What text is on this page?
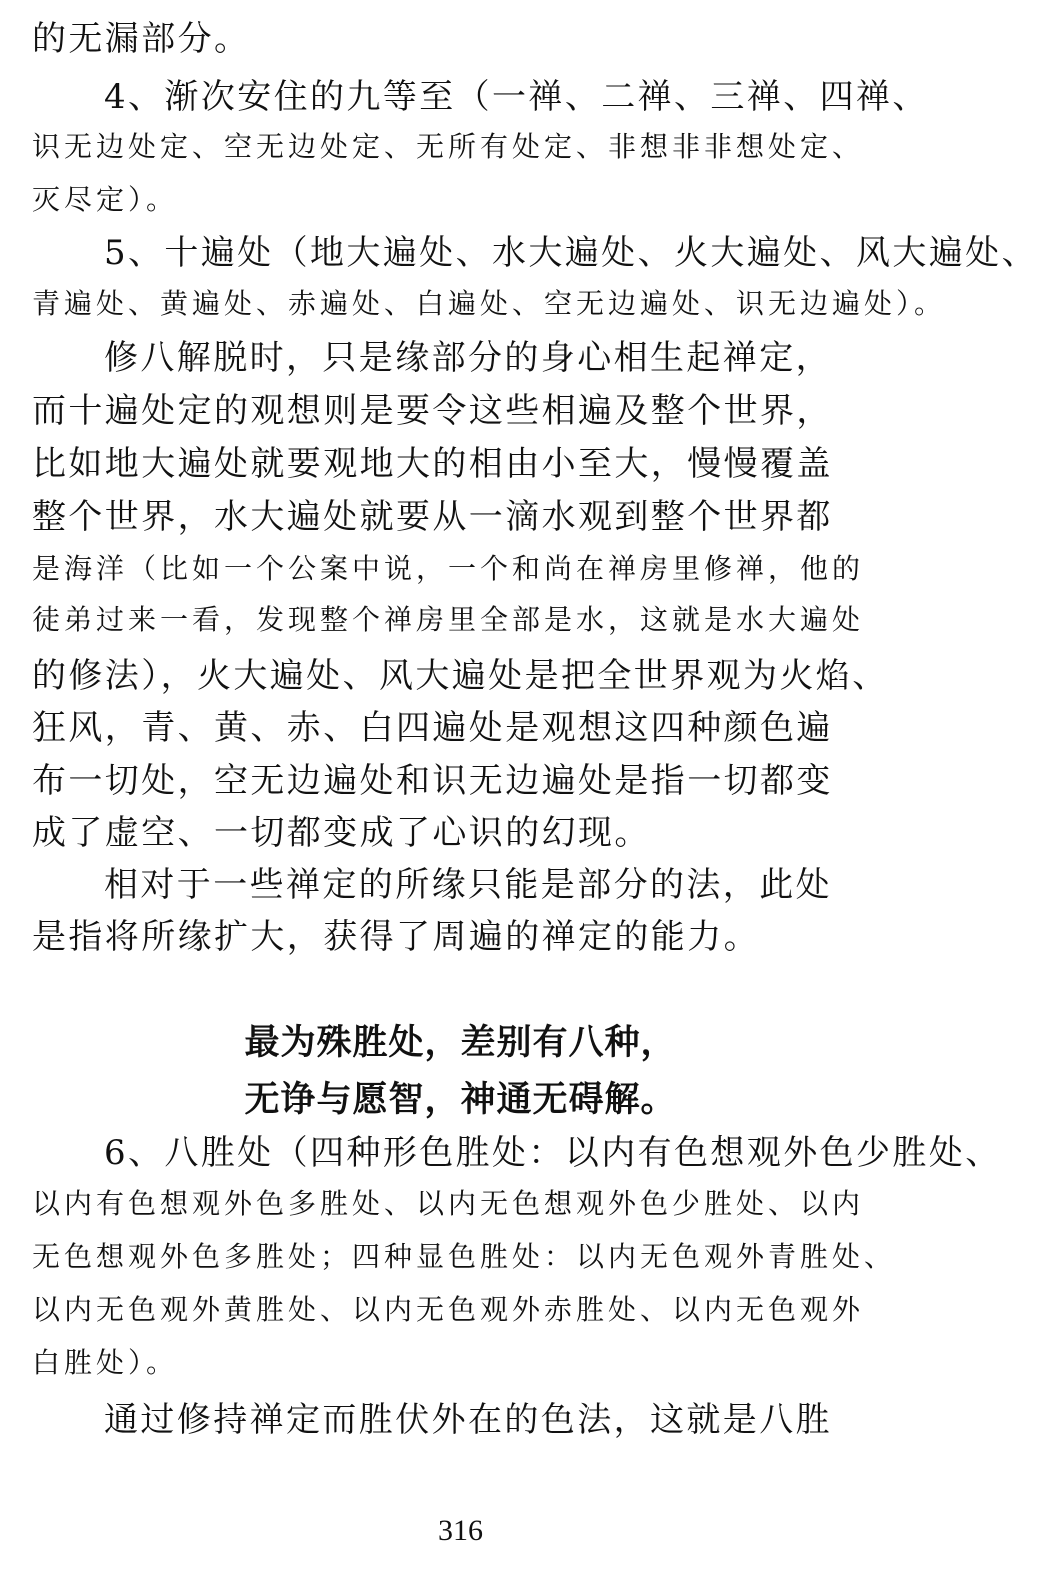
的无漏部分。
4、渐次安住的九等至（一禅、二禅、三禅、四禅、
识无边处定、空无边处定、无所有处定、非想非非想处定、
灭尽定）。
5、十遍处（地大遍处、水大遍处、火大遍处、风大遍处、
青遍处、黄遍处、赤遍处、白遍处、空无边遍处、识无边遍处）。
修八解脱时，只是缘部分的身心相生起禅定，
而十遍处定的观想则是要令这些相遍及整个世界，
比如地大遍处就要观地大的相由小至大，慢慢覆盖
整个世界，水大遍处就要从一滴水观到整个世界都
是海洋（比如一个公案中说，一个和尚在禅房里修禅，他的
徒弟过来一看，发现整个禅房里全部是水，这就是水大遍处
的修法），火大遍处、风大遍处是把全世界观为火焰、
狂风，青、黄、赤、白四遍处是观想这四种颜色遍
布一切处，空无边遍处和识无边遍处是指一切都变
成了虚空、一切都变成了心识的幻现。
相对于一些禅定的所缘只能是部分的法，此处
是指将所缘扩大，获得了周遍的禅定的能力。
最为殊胜处，差别有八种，
无诤与愿智，神通无碍解。
6、八胜处（四种形色胜处：以内有色想观外色少胜处、
以内有色想观外色多胜处、以内无色想观外色少胜处、以内
无色想观外色多胜处；四种显色胜处：以内无色观外青胜处、
以内无色观外黄胜处、以内无色观外赤胜处、以内无色观外
白胜处）。
通过修持禅定而胜伏外在的色法，这就是八胜
316
